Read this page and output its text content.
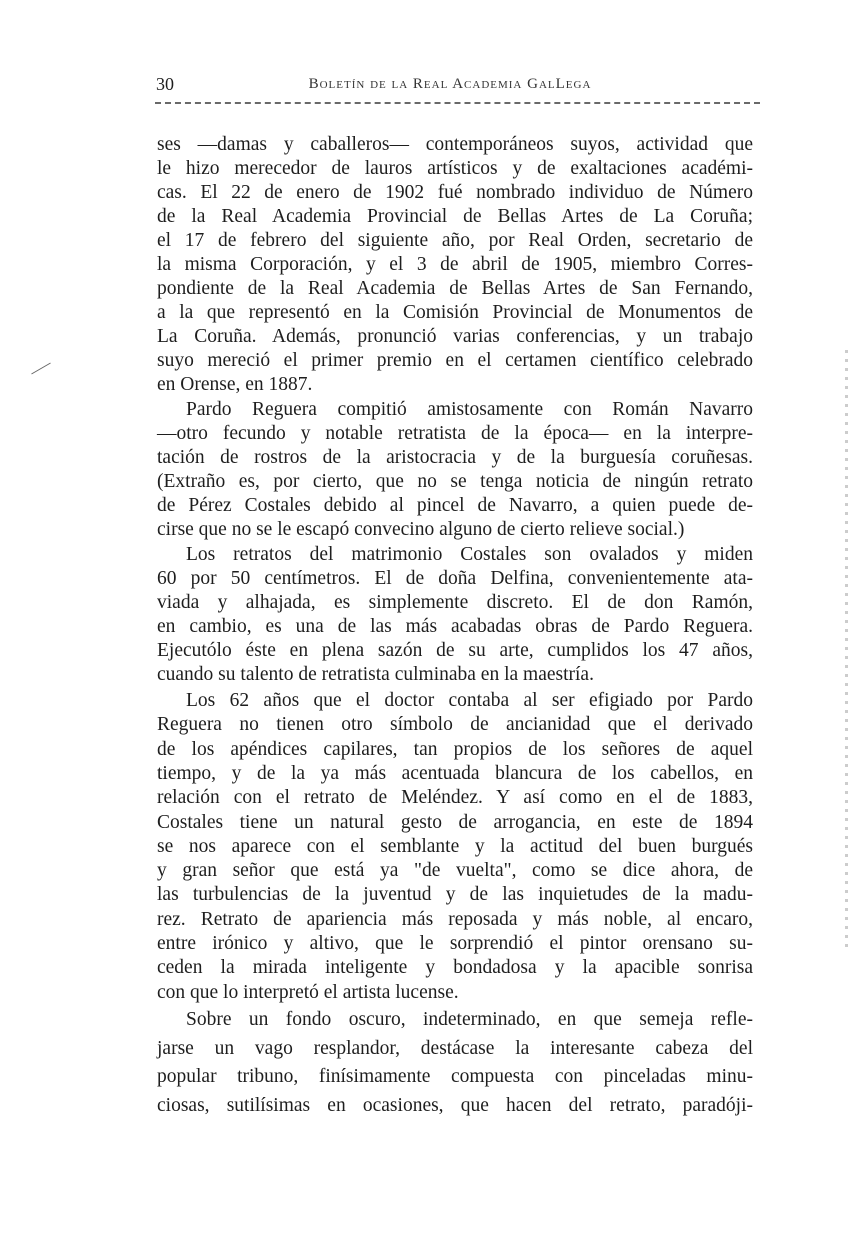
30	Boletín de la Real Academia GalLega
ses —damas y caballeros— contemporáneos suyos, actividad que
le hizo merecedor de lauros artísticos y de exaltaciones académi-
cas. El 22 de enero de 1902 fué nombrado individuo de Número
de la Real Academia Provincial de Bellas Artes de La Coruña;
el 17 de febrero del siguiente año, por Real Orden, secretario de
la misma Corporación, y el 3 de abril de 1905, miembro Corres-
pondiente de la Real Academia de Bellas Artes de San Fernando,
a la que representó en la Comisión Provincial de Monumentos de
La Coruña. Además, pronunció varias conferencias, y un trabajo
suyo mereció el primer premio en el certamen científico celebrado
en Orense, en 1887.
Pardo Reguera compitió amistosamente con Román Navarro
—otro fecundo y notable retratista de la época— en la interpre-
tación de rostros de la aristocracia y de la burguesía coruñesas.
(Extraño es, por cierto, que no se tenga noticia de ningún retrato
de Pérez Costales debido al pincel de Navarro, a quien puede de-
cirse que no se le escapó convecino alguno de cierto relieve social.)
Los retratos del matrimonio Costales son ovalados y miden
60 por 50 centímetros. El de doña Delfina, convenientemente ata-
viada y alhajada, es simplemente discreto. El de don Ramón,
en cambio, es una de las más acabadas obras de Pardo Reguera.
Ejecutólo éste en plena sazón de su arte, cumplidos los 47 años,
cuando su talento de retratista culminaba en la maestría.
Los 62 años que el doctor contaba al ser efigiado por Pardo
Reguera no tienen otro símbolo de ancianidad que el derivado
de los apéndices capilares, tan propios de los señores de aquel
tiempo, y de la ya más acentuada blancura de los cabellos, en
relación con el retrato de Meléndez. Y así como en el de 1883,
Costales tiene un natural gesto de arrogancia, en este de 1894
se nos aparece con el semblante y la actitud del buen burgués
y gran señor que está ya "de vuelta", como se dice ahora, de
las turbulencias de la juventud y de las inquietudes de la madu-
rez. Retrato de apariencia más reposada y más noble, al encaro,
entre irónico y altivo, que le sorprendió el pintor orensano su-
ceden la mirada inteligente y bondadosa y la apacible sonrisa
con que lo interpretó el artista lucense.
Sobre un fondo oscuro, indeterminado, en que semeja refle-
jarse un vago resplandor, destácase la interesante cabeza del
popular tribuno, finísimamente compuesta con pinceladas minu-
ciosas, sutilísimas en ocasiones, que hacen del retrato, paradóji-
